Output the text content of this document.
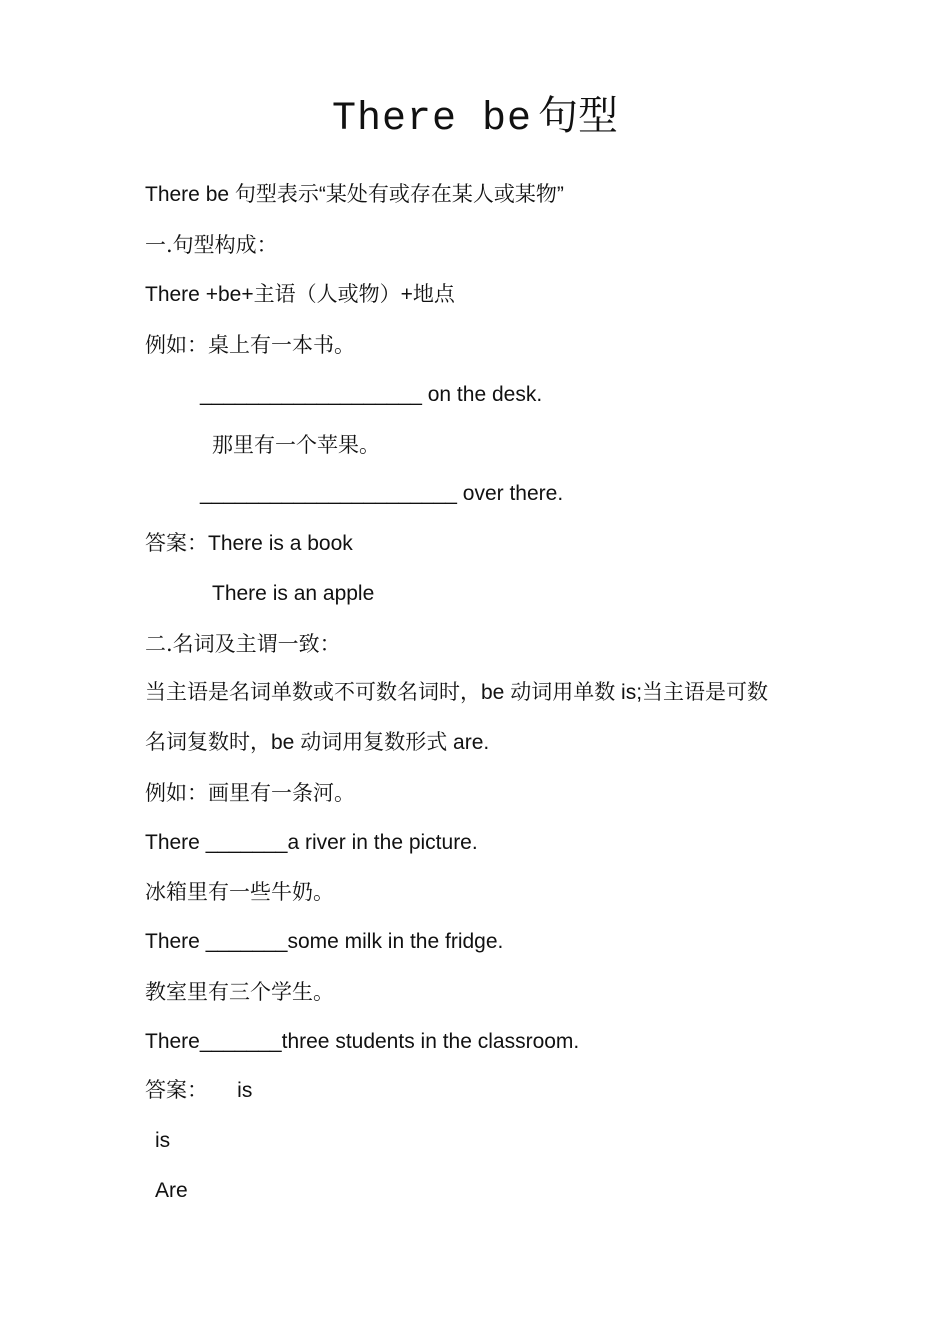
There be 句型
There be 句型表示“某处有或存在某人或某物”
一.句型构成：
There +be+主语（人或物）+地点
例如：桌上有一本书。
___________________ on the desk.
那里有一个苹果。
______________________ over there.
答案：There is a book
There is an apple
二.名词及主谓一致：
当主语是名词单数或不可数名词时，be 动词用单数 is;当主语是可数
名词复数时，be 动词用复数形式 are.
例如：画里有一条河。
There _______a river in the picture.
冰箱里有一些牛奶。
There _______some milk in the fridge.
教室里有三个学生。
There_______three students in the classroom.
答案：     is
is
Are
